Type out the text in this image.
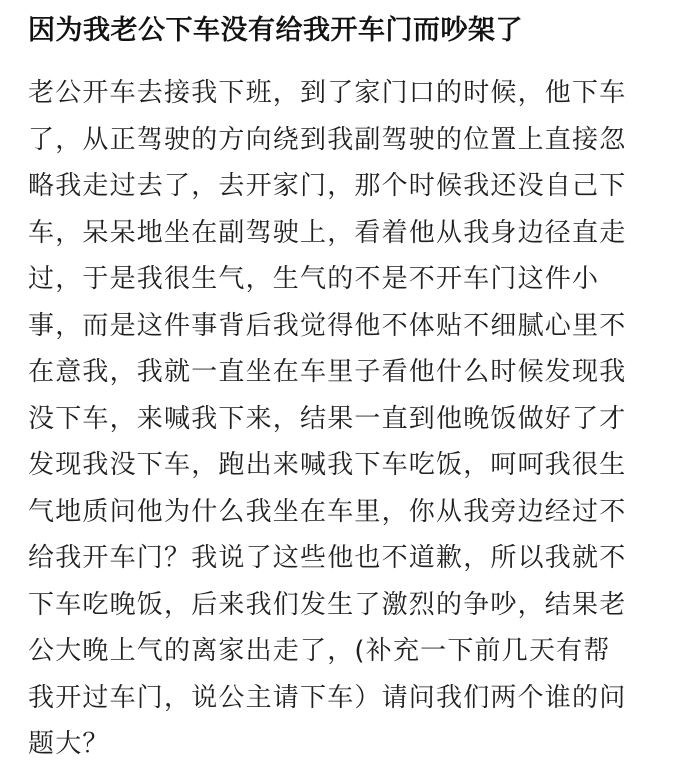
因为我老公下车没有给我开车门而吵架了
老公开车去接我下班，到了家门口的时候，他下车
了，从正驾驶的方向绕到我副驾驶的位置上直接忽
略我走过去了，去开家门，那个时候我还没自己下
车，呆呆地坐在副驾驶上，看着他从我身边径直走
过，于是我很生气，生气的不是不开车门这件小
事，而是这件事背后我觉得他不体贴不细腻心里不
在意我，我就一直坐在车里子看他什么时候发现我
没下车，来喊我下来，结果一直到他晚饭做好了才
发现我没下车，跑出来喊我下车吃饭，呵呵我很生
气地质问他为什么我坐在车里，你从我旁边经过不
给我开车门？我说了这些他也不道歉，所以我就不
下车吃晚饭，后来我们发生了激烈的争吵，结果老
公大晚上气的离家出走了，(补充一下前几天有帮
我开过车门，说公主请下车）请问我们两个谁的问
题大？
